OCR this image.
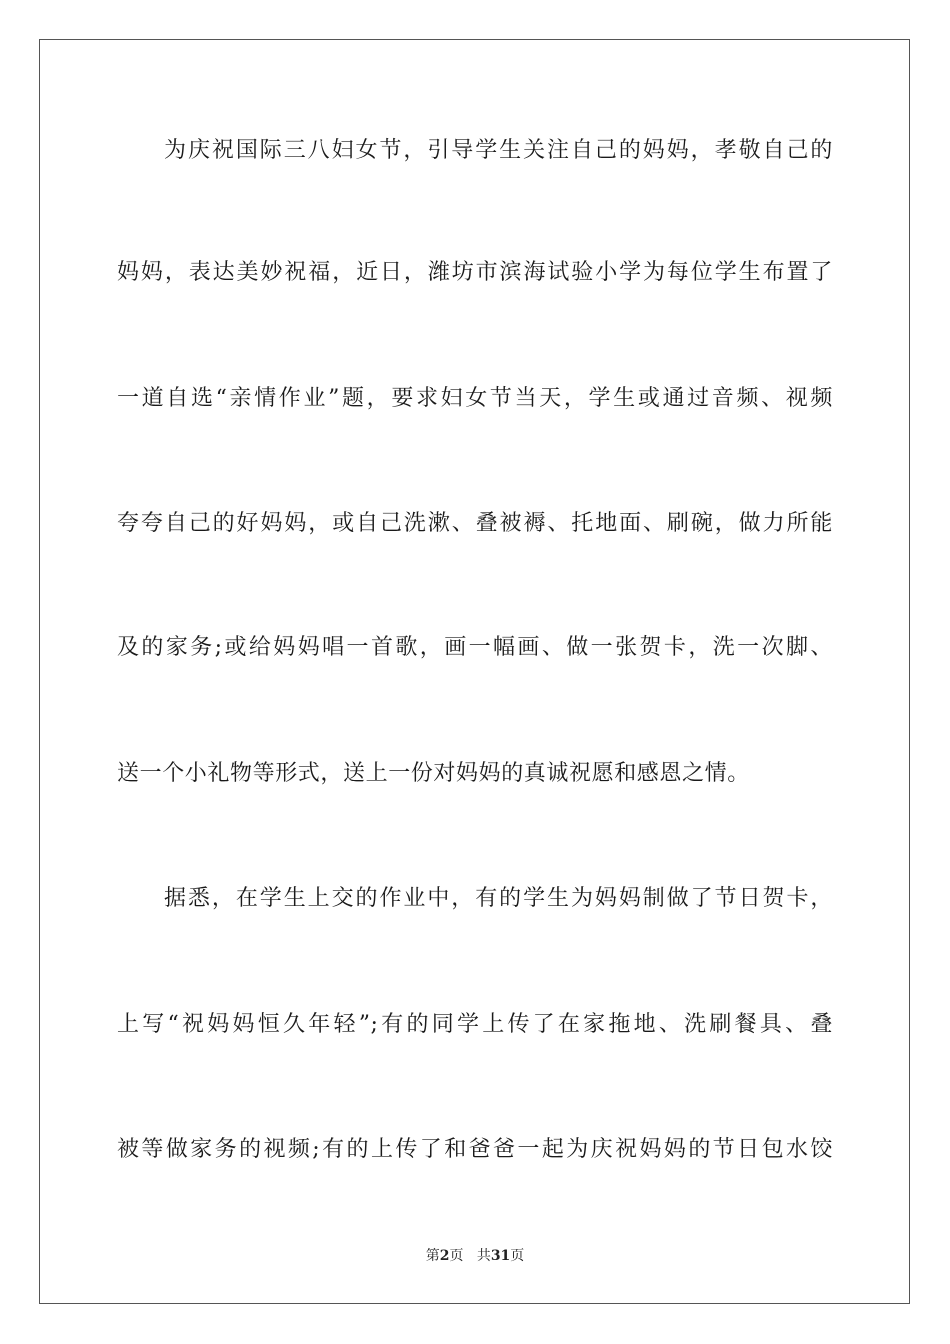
为庆祝国际三八妇女节，引导学生关注自己的妈妈，孝敬自己的
妈妈，表达美妙祝福，近日，潍坊市滨海试验小学为每位学生布置了
一道自选“亲情作业”题，要求妇女节当天，学生或通过音频、视频
夸夸自己的好妈妈，或自己洗漱、叠被褥、托地面、刷碗，做力所能
及的家务;或给妈妈唱一首歌，画一幅画、做一张贺卡，洗一次脚、
送一个小礼物等形式，送上一份对妈妈的真诚祝愿和感恩之情。
据悉，在学生上交的作业中，有的学生为妈妈制做了节日贺卡，
上写“祝妈妈恒久年轻”;有的同学上传了在家拖地、洗刷餐具、叠
被等做家务的视频;有的上传了和爸爸一起为庆祝妈妈的节日包水饺
第2页 共31页
